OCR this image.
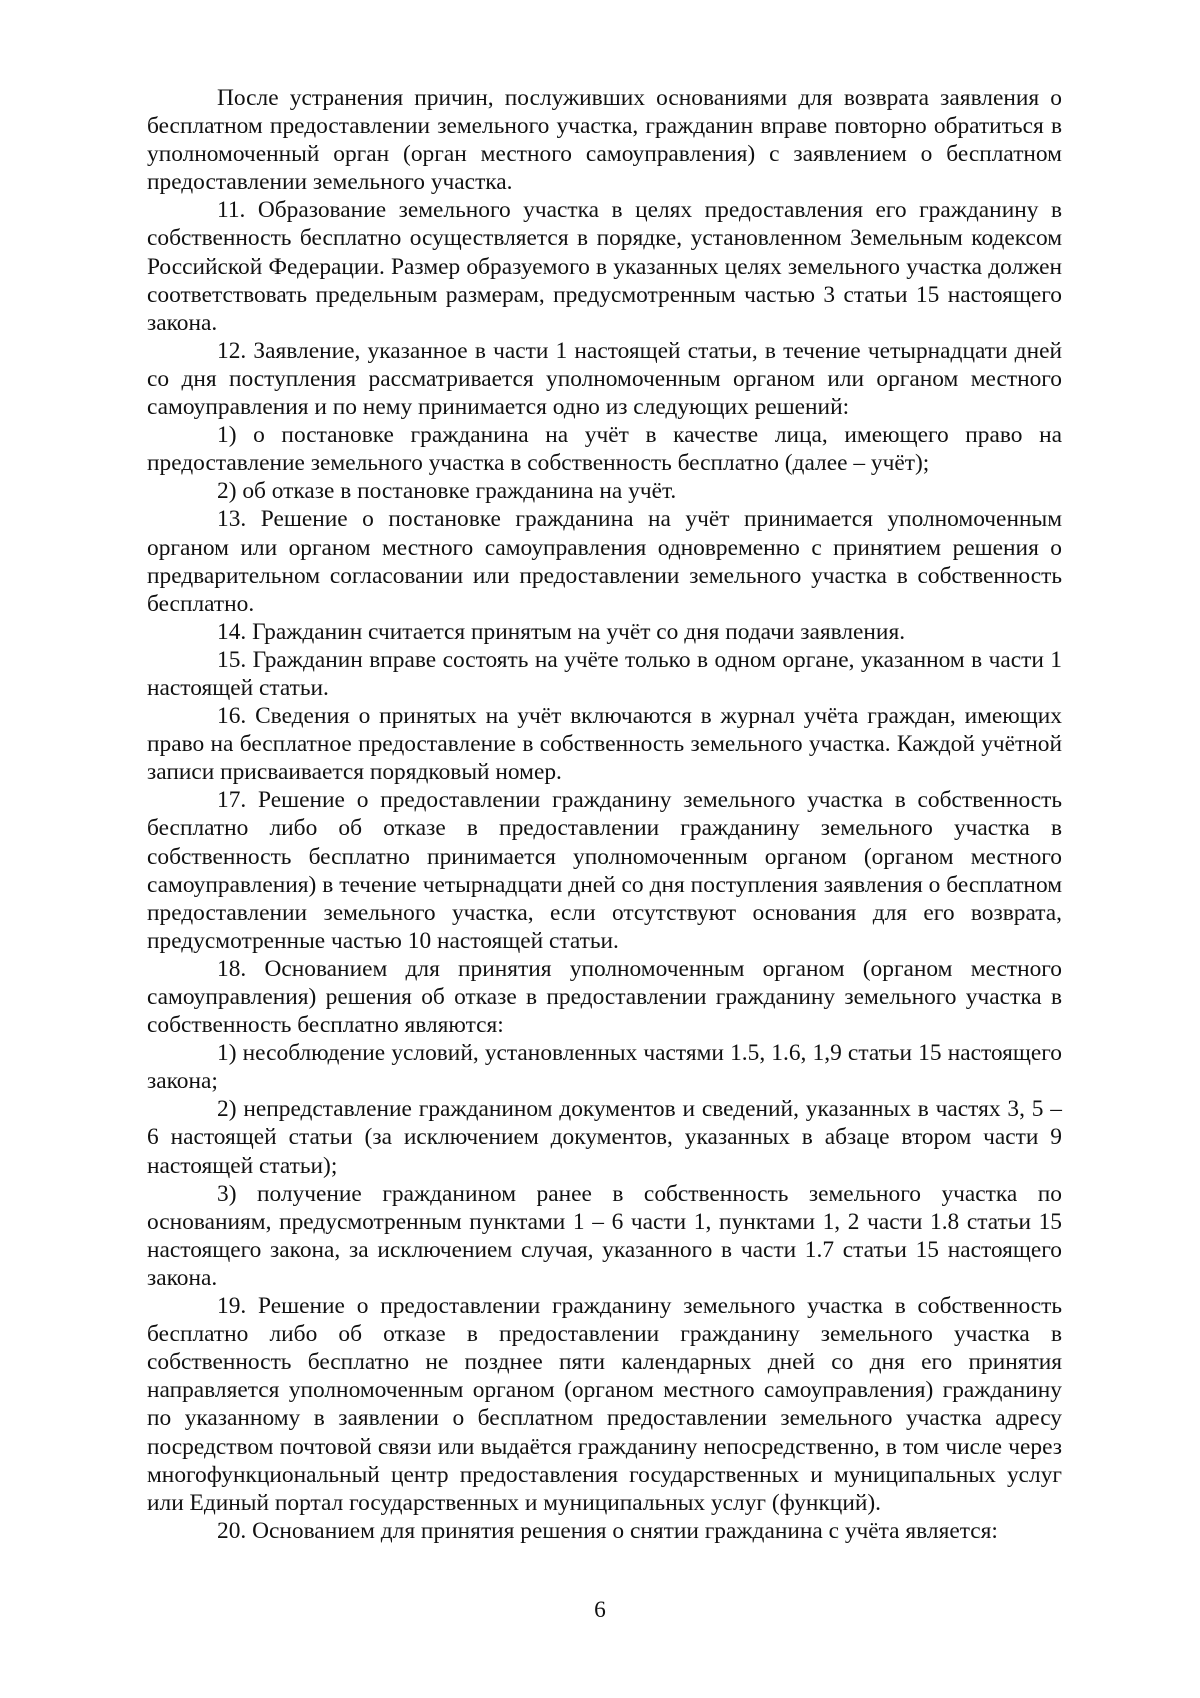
После устранения причин, послуживших основаниями для возврата заявления о бесплатном предоставлении земельного участка, гражданин вправе повторно обратиться в уполномоченный орган (орган местного самоуправления) с заявлением о бесплатном предоставлении земельного участка.

11. Образование земельного участка в целях предоставления его гражданину в собственность бесплатно осуществляется в порядке, установленном Земельным кодексом Российской Федерации. Размер образуемого в указанных целях земельного участка должен соответствовать предельным размерам, предусмотренным частью 3 статьи 15 настоящего закона.

12. Заявление, указанное в части 1 настоящей статьи, в течение четырнадцати дней со дня поступления рассматривается уполномоченным органом или органом местного самоуправления и по нему принимается одно из следующих решений:

1) о постановке гражданина на учёт в качестве лица, имеющего право на предоставление земельного участка в собственность бесплатно (далее – учёт);

2) об отказе в постановке гражданина на учёт.

13. Решение о постановке гражданина на учёт принимается уполномоченным органом или органом местного самоуправления одновременно с принятием решения о предварительном согласовании или предоставлении земельного участка в собственность бесплатно.

14. Гражданин считается принятым на учёт со дня подачи заявления.

15. Гражданин вправе состоять на учёте только в одном органе, указанном в части 1 настоящей статьи.

16. Сведения о принятых на учёт включаются в журнал учёта граждан, имеющих право на бесплатное предоставление в собственность земельного участка. Каждой учётной записи присваивается порядковый номер.

17. Решение о предоставлении гражданину земельного участка в собственность бесплатно либо об отказе в предоставлении гражданину земельного участка в собственность бесплатно принимается уполномоченным органом (органом местного самоуправления) в течение четырнадцати дней со дня поступления заявления о бесплатном предоставлении земельного участка, если отсутствуют основания для его возврата, предусмотренные частью 10 настоящей статьи.

18. Основанием для принятия уполномоченным органом (органом местного самоуправления) решения об отказе в предоставлении гражданину земельного участка в собственность бесплатно являются:

1) несоблюдение условий, установленных частями 1.5, 1.6, 1,9 статьи 15 настоящего закона;

2) непредставление гражданином документов и сведений, указанных в частях 3, 5 – 6 настоящей статьи (за исключением документов, указанных в абзаце втором части 9 настоящей статьи);

3) получение гражданином ранее в собственность земельного участка по основаниям, предусмотренным пунктами 1 – 6 части 1, пунктами 1, 2 части 1.8 статьи 15 настоящего закона, за исключением случая, указанного в части 1.7 статьи 15 настоящего закона.

19. Решение о предоставлении гражданину земельного участка в собственность бесплатно либо об отказе в предоставлении гражданину земельного участка в собственность бесплатно не позднее пяти календарных дней со дня его принятия направляется уполномоченным органом (органом местного самоуправления) гражданину по указанному в заявлении о бесплатном предоставлении земельного участка адресу посредством почтовой связи или выдаётся гражданину непосредственно, в том числе через многофункциональный центр предоставления государственных и муниципальных услуг или Единый портал государственных и муниципальных услуг (функций).

20. Основанием для принятия решения о снятии гражданина с учёта является:

6
